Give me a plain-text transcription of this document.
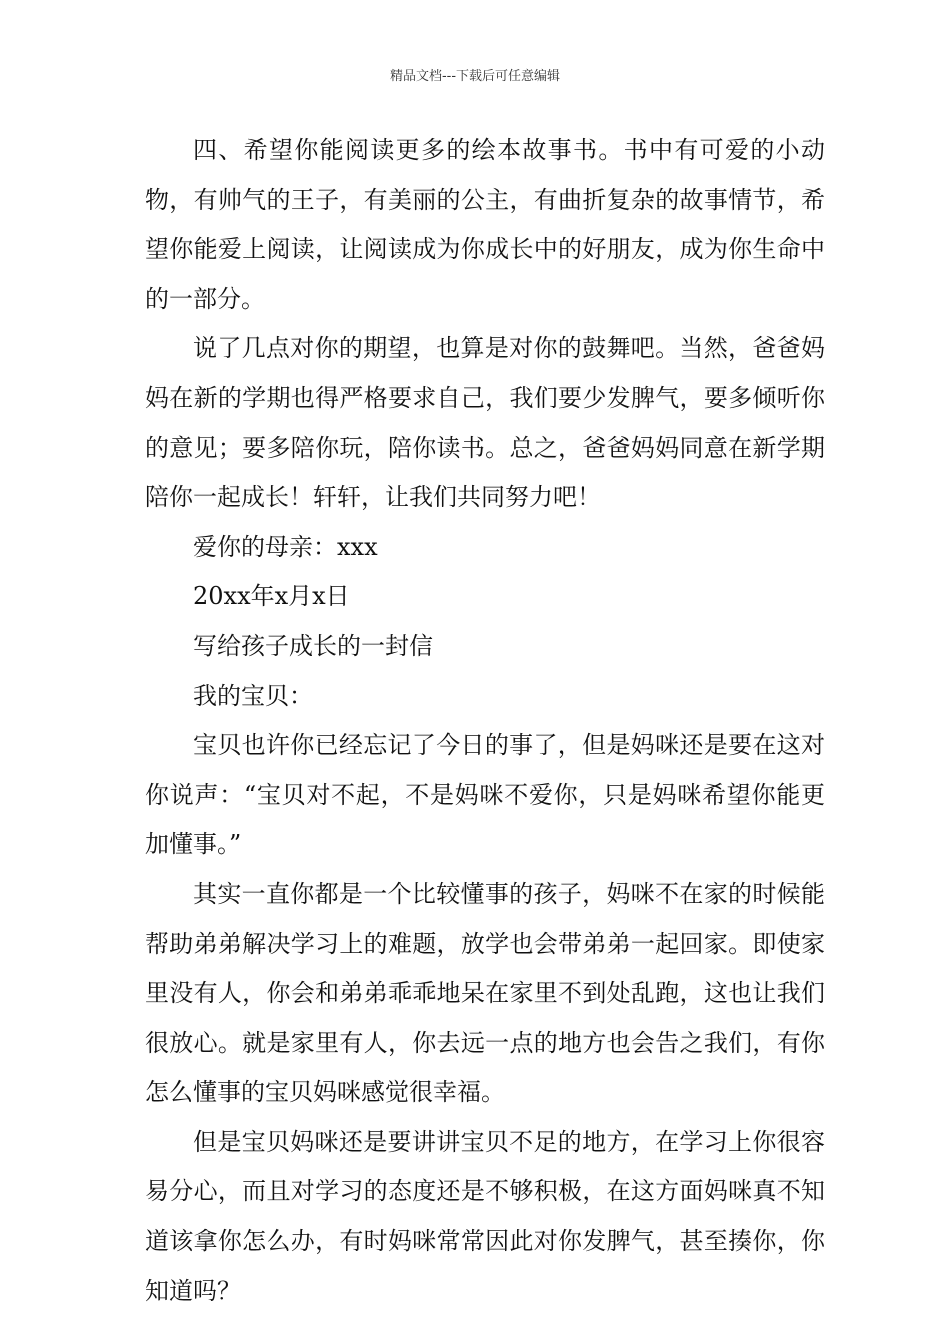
精品文档---下载后可任意编辑

四、希望你能阅读更多的绘本故事书。书中有可爱的小动物，有帅气的王子，有美丽的公主，有曲折复杂的故事情节，希望你能爱上阅读，让阅读成为你成长中的好朋友，成为你生命中的一部分。

说了几点对你的期望，也算是对你的鼓舞吧。当然，爸爸妈妈在新的学期也得严格要求自己，我们要少发脾气，要多倾听你的意见；要多陪你玩，陪你读书。总之，爸爸妈妈同意在新学期陪你一起成长！轩轩，让我们共同努力吧！

爱你的母亲：xxx

20xx年x月x日

写给孩子成长的一封信

我的宝贝：

宝贝也许你已经忘记了今日的事了，但是妈咪还是要在这对你说声：“宝贝对不起，不是妈咪不爱你，只是妈咪希望你能更加懂事。”

其实一直你都是一个比较懂事的孩子，妈咪不在家的时候能帮助弟弟解决学习上的难题，放学也会带弟弟一起回家。即使家里没有人，你会和弟弟乖乖地呆在家里不到处乱跑，这也让我们很放心。就是家里有人，你去远一点的地方也会告之我们，有你怎么懂事的宝贝妈咪感觉很幸福。

但是宝贝妈咪还是要讲讲宝贝不足的地方，在学习上你很容易分心，而且对学习的态度还是不够积极，在这方面妈咪真不知道该拿你怎么办，有时妈咪常常因此对你发脾气，甚至揍你，你知道吗？
